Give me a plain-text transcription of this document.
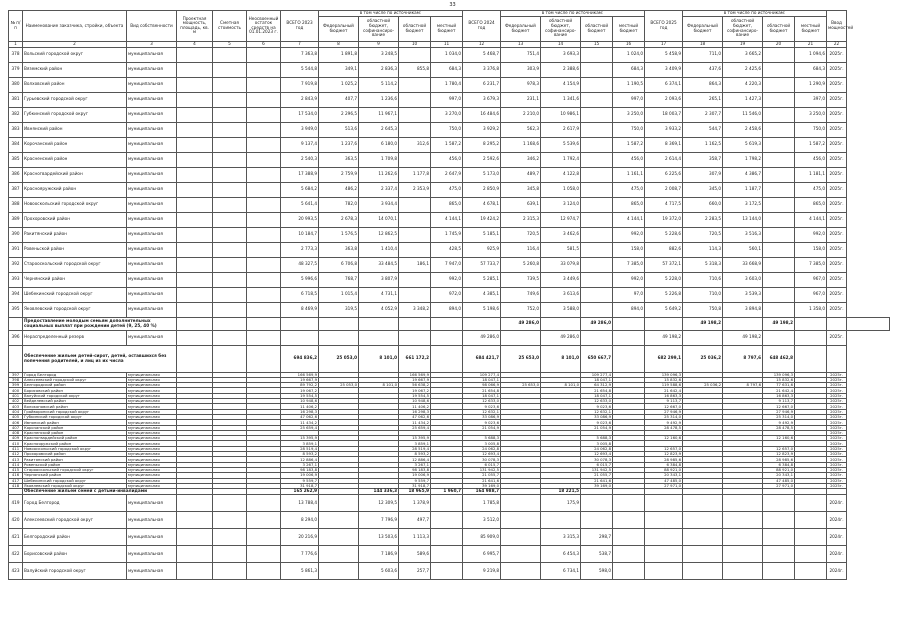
33
№ п/п	Наименование заказчика, стройки, объекта	Вид собственности	Проектная мощность, площадь, кв. м	Сметная стоимость	Неосвоенный остаток средств на 01.01.2023 г.	ВСЕГО 2023 год	в том числе по источникам:				ВСЕГО 2024 год	в том числе по источникам:				ВСЕГО 2025 год	в том числе по источникам:				Ввод мощностей	
							Федеральный бюджет	областной бюджет, софинансиро-вание	областной бюджет	местный бюджет		Федеральный бюджет	областной бюджет, софинансиро-вание	областной бюджет	местный бюджет		Федеральный бюджет	областной бюджет, софинансиро-вание	областной бюджет	местный бюджет		
1	2	3	4	5	6	7	8	9	10	11	12	13	14	15	16	17	18	19	20	21	22	
378	Вольский городской округ	муниципальная				7 363,8	1 891,8	3 248,5		1 034,0	5 468,7	751,4	3 693,3		1 024,0	5 458,9	711,0	3 665,2		1 094,6	2025г.	
379	Вяземский район	муниципальная				5 544,8	349,1	2 836,3	855,8	684,3	3 376,8	303,9	2 388,6		684,3	3 409,9	437,6	2 425,6		684,3	2025г.	
380	Волховский район	муниципальная				7 919,8	1 025,2	5 114,2		1 780,4	6 231,7	978,3	4 154,9		1 190,5	6 374,1	864,3	4 220,3		1 290,9	2025г.	
381	Гурьевский городской округ	муниципальная				2 843,9	407,7	1 236,6		997,0	3 679,3	231,1	1 341,6		997,0	2 093,6	265,1	1 427,3		397,0	2025г.	
382	Губкинский городской округ	муниципальная				17 534,0	2 296,5	11 967,1		3 270,0	16 484,6	2 210,0	10 986,1		3 250,0	18 003,7	2 307,7	11 546,0		3 250,0	2025г.	
383	Ивнянский район	муниципальная				3 949,0	513,6	2 645,3		750,0	3 929,2	562,3	2 617,9		750,0	3 933,2	544,7	2 458,6		750,0	2025г.	
384	Корочанский район	муниципальная				9 137,4	1 237,6	6 180,0	312,6	1 587,2	8 295,2	1 168,6	5 539,6		1 587,2	8 369,1	1 162,5	5 619,3		1 587,2	2025г.	
385	Красненский район	муниципальная				2 540,3	363,5	1 709,8		456,0	2 592,6	346,2	1 792,4		456,0	2 614,4	358,7	1 798,2		456,0	2025г.	
386	Красногвардейский район	муниципальная				17 388,9	2 759,9	11 262,6	1 177,8	2 647,9	5 173,0	489,7	4 122,8		1 161,1	6 225,6	307,9	4 386,7		1 181,1	2025г.	
387	Краснояружский район	муниципальная				5 684,2	486,2	2 337,4	2 353,9	475,0	2 850,9	345,8	1 058,0		475,0	2 008,7	345,0	1 187,7		475,0	2025г.	
388	Новооскольский городской округ	муниципальная				5 641,4	782,0	3 934,4		865,0	4 678,1	639,1	3 124,0		865,0	4 717,5	660,0	3 172,5		865,0	2025г.	
389	Прохоровский район	муниципальная				20 993,5	2 678,3	14 070,1		4 144,1	19 424,2	2 315,3	12 974,7		4 144,1	19 372,0	2 283,5	13 144,0		4 144,1	2025г.	
390	Ракитянский район	муниципальная				10 184,7	1 576,5	12 862,5		1 745,9	5 185,1	720,5	3 462,6		992,0	5 228,6	720,5	3 516,3		992,0	2025г.	
391	Ровеньской район	муниципальная				2 773,3	363,8	1 410,4		428,5	925,9	116,4	581,5		158,0	882,6	114,3	560,1		158,0	2025г.	
392	Старооскольский городской округ	муниципальная				48 327,5	6 706,8	33 484,5	186,1	7 947,0	57 733,7	5 260,8	33 079,8		7 385,0	57 372,1	5 318,3	33 668,9		7 385,0	2025г.	
393	Чернянский район	муниципальная				5 996,6	768,7	3 807,9		992,0	5 285,1	739,5	3 449,6		992,0	5 228,0	710,6	3 603,0		967,0	2025г.	
394	Шебекинский городской округ	муниципальная				6 718,5	1 015,4	4 731,1		972,0	4 385,1	749,6	3 613,6		97,0	5 226,8	710,0	3 539,3		967,0	2025г.	
395	Яковлевский городской округ	муниципальная				8 469,9	319,5	4 052,9	3 348,2	894,0	5 198,6	752,0	3 588,0		894,0	5 649,2	750,8	3 894,8		1 358,0	2025г.	
	Предоставление молодым семьям дополнительных социальных выплат при рождении детей (9, 25, 40 %)											49 286,0		49 286,0			49 198,2		49 198,2			
396	Нераспределенный резерв	муниципальная									49 286,0		49 286,0			49 198,2		49 198,2			2025г.	
	Обеспечение жильем детей-сирот, детей, оставшихся без попечения родителей, и лиц из их числа					694 836,2	25 053,0	8 101,0	661 172,2		684 421,7	25 653,0	8 101,0	650 667,7		682 299,1	25 036,2	8 797,6	648 462,8			
397	Город Белгород	муниципальная				166 569,9			166 569,9		109 277,4			109 277,4		139 096,3			139 096,3		2025г.	
398	Алексеевский городской округ	муниципальная				19 667,9			19 667,9		18 047,1			18 047,1		15 832,6			15 832,6		2025г.	
399	Белгородский район	муниципальная				89 792,2	25 053,0	8 101,0	56 638,2		98 066,9	25 653,0	8 101,0	64 312,9		119 588,6	25 036,2	8 797,6	77 631,6		2025г.	
400	Борисовский район	муниципальная				19 067,2			19 067,2		21 654,8			21 654,8		21 642,4			21 642,4		2025г.	
401	Валуйский городской округ	муниципальная				19 554,5			19 554,5		18 047,1			18 047,1		16 863,3			16 863,3		2025г.	
402	Вейделевский район	муниципальная				10 948,6			10 948,6		12 633,0			12 633,0		9 113,7			9 113,7		2025г.	
403	Волоконовский район	муниципальная				11 406,2			11 406,2		9 023,6			9 023,6		12 667,0			12 667,0		2025г.	
404	Грайворонский городской округ	муниципальная				16 298,3			16 298,3		12 632,1			12 632,1		27 946,9			27 946,9		2025г.	
405	Губкинский городской округ	муниципальная				47 062,6			47 062,6		33 086,9			33 086,9		25 314,0			25 314,0		2025г.	
406	Ивнянский район	муниципальная				11 434,2			11 434,2		9 023,6			9 023,6		9 492,9			9 492,9		2025г.	
407	Корочанский район	муниципальная				25 659,4			25 659,4		21 054,9			21 054,9		28 478,5			28 478,5		2025г.	
408	Красненский район	муниципальная																			2025г.	
409	Красногвардейский район	муниципальная				15 395,9			15 395,9		5 688,3			5 688,3		12 160,6			12 160,6		2025г.	
410	Краснояружский район	муниципальная				3 859,1			3 859,1		3 005,8			3 005,8							2025г.	
411	Новооскольский городской округ	муниципальная				28 519,4			28 519,4		24 062,8			24 062,8		12 657,0			12 657,0		2025г.	
412	Прохоровский район	муниципальная				8 593,2			8 593,2		12 693,4			12 693,4		12 823,9			12 823,9		2025г.	
413	Ракитянский район	муниципальная				12 886,4			12 886,4		30 078,3			30 078,3		28 985,6			28 985,6		2025г.	
414	Ровеньской район	муниципальная				3 267,1			3 267,1		6 015,7			6 015,7		6 384,8			6 384,8		2025г.	
415	Старооскольский городской округ	муниципальная				98 183,8			98 183,8		131 942,5			131 942,5		88 921,0			88 921,0		2025г.	
416	Чернянский район	муниципальная				19 006,9			19 006,9		21 055,7			21 055,7		20 343,1			20 343,1		2025г.	
417	Шебекинский городской округ	муниципальная				9 559,7			9 559,7		21 641,6			21 641,6		47 485,0			47 485,0		2025г.	
418	Яковлевский городской округ	муниципальная				31 918,7			31 918,7		39 169,0			39 169,0		27 971,0			27 971,0		2025г.	
	Обеспечение жильем семей с детьми-инвалидами					165 262,9		144 336,3	18 965,9	1 960,7	164 988,7		18 221,5									
419	Город Белгород	муниципальная				13 788,4		12 309,5	1 378,9		1 785,8		175,9								2024г.	
420	Алексеевский городской округ	муниципальная				8 294,0		7 796,9	497,7		3 512,0										2024г.	
421	Белгородский район	муниципальная				20 216,9		13 503,6	1 113,3		85 909,0		3 315,3	298,7							2024г.	
422	Борисовский район	муниципальная				7 776,6		7 186,9	589,6		6 995,7		6 454,3	538,7							2024г.	
423	Валуйский городской округ	муниципальная				5 861,3		5 603,6	257,7		9 219,8		6 734,1	598,0							2024г.	
